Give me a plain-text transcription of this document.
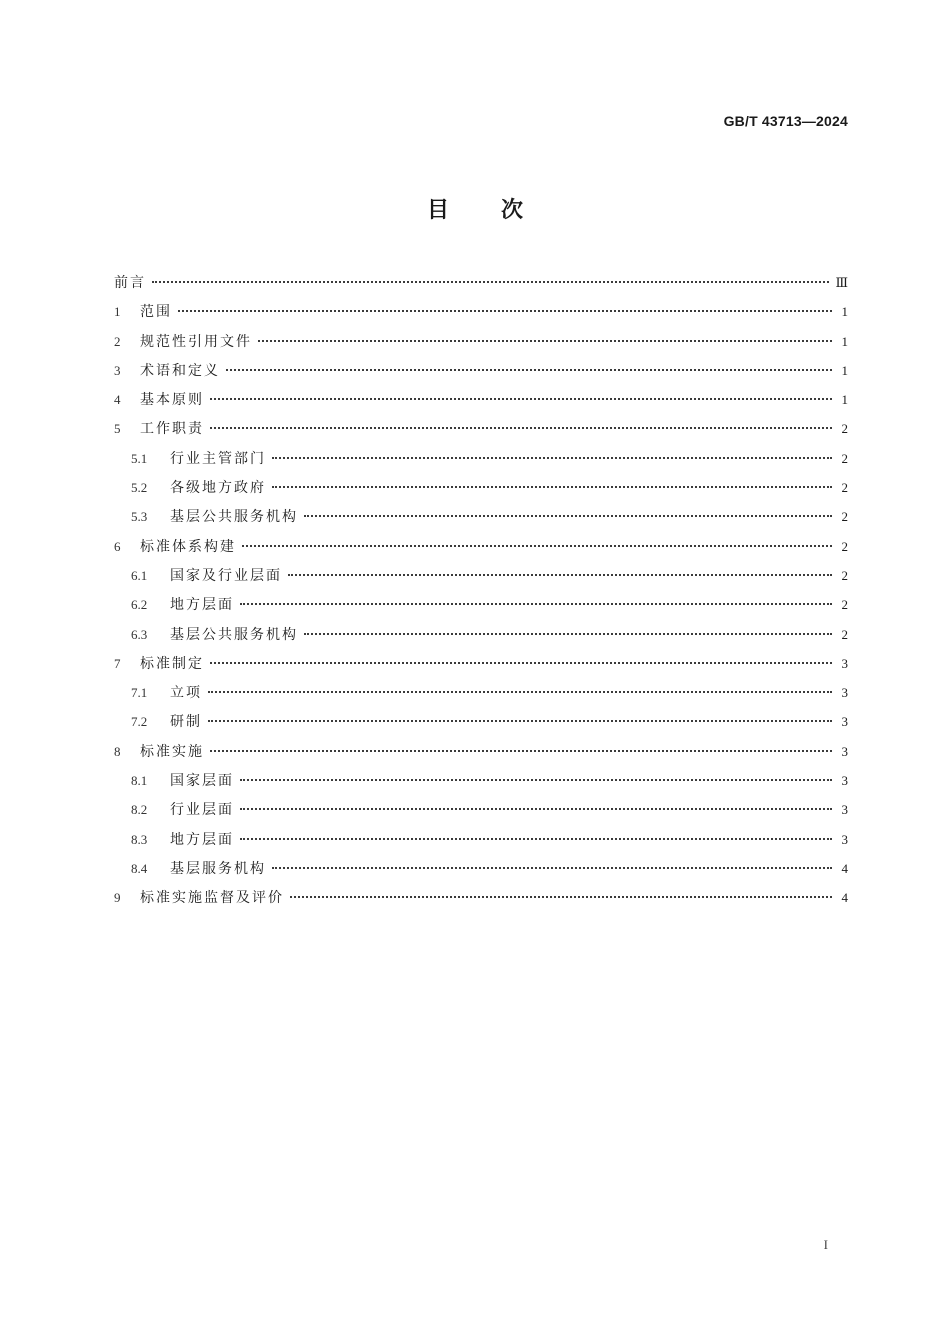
GB/T 43713—2024
目次
前言	Ⅲ
1	范围	1
2	规范性引用文件	1
3	术语和定义	1
4	基本原则	1
5	工作职责	2
5.1	行业主管部门	2
5.2	各级地方政府	2
5.3	基层公共服务机构	2
6	标准体系构建	2
6.1	国家及行业层面	2
6.2	地方层面	2
6.3	基层公共服务机构	2
7	标准制定	3
7.1	立项	3
7.2	研制	3
8	标准实施	3
8.1	国家层面	3
8.2	行业层面	3
8.3	地方层面	3
8.4	基层服务机构	4
9	标准实施监督及评价	4
I
